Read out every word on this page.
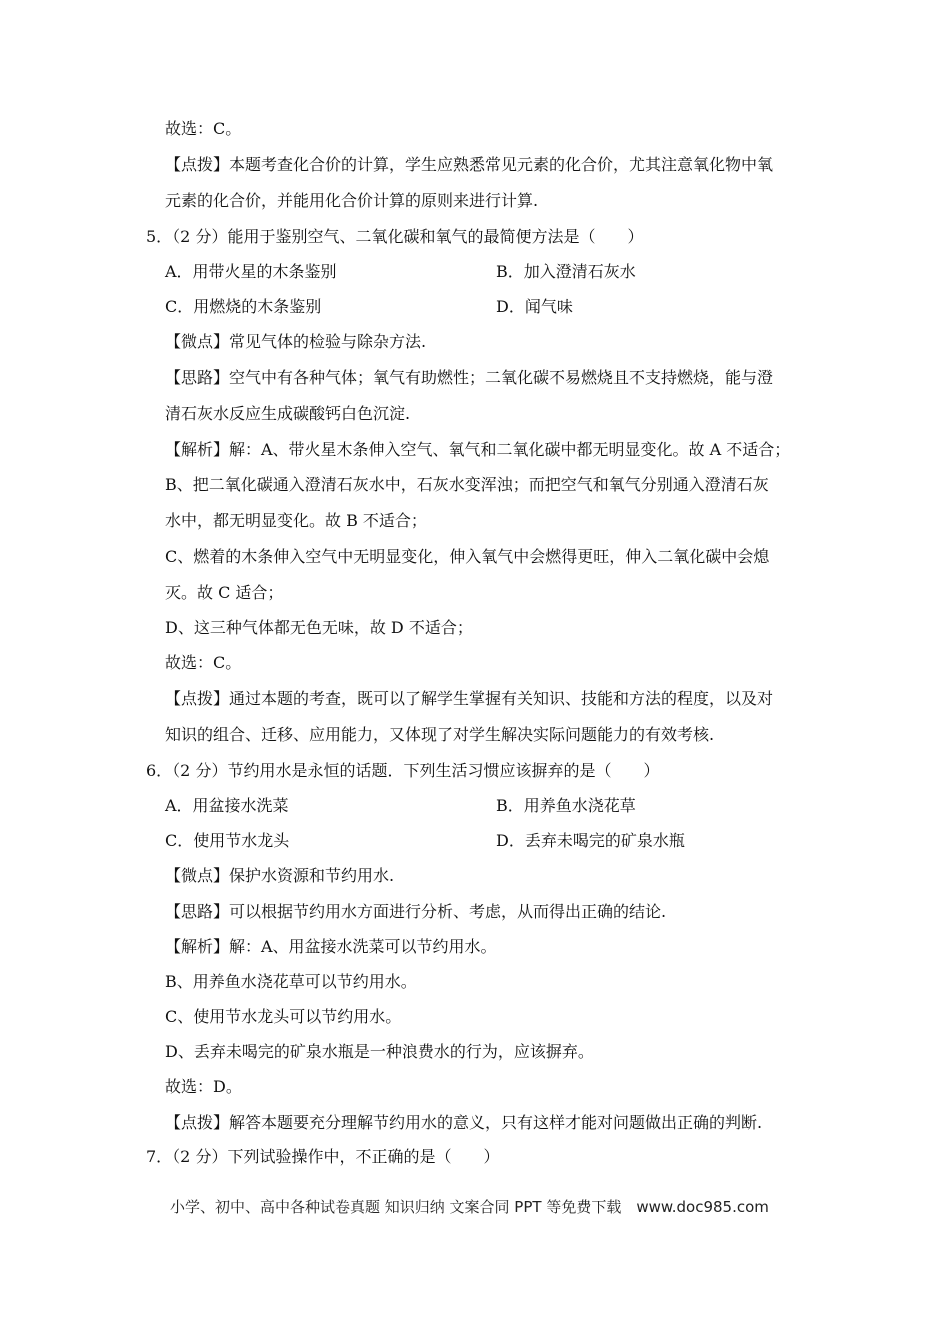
故选：C。
【点拨】本题考查化合价的计算，学生应熟悉常见元素的化合价，尤其注意氧化物中氧
元素的化合价，并能用化合价计算的原则来进行计算.
5．（2 分）能用于鉴别空气、二氧化碳和氧气的最简便方法是（　　）
A．用带火星的木条鉴别	B．加入澄清石灰水
C．用燃烧的木条鉴别	D．闻气味
【微点】常见气体的检验与除杂方法.
【思路】空气中有各种气体；氧气有助燃性；二氧化碳不易燃烧且不支持燃烧，能与澄
清石灰水反应生成碳酸钙白色沉淀.
【解析】解：A、带火星木条伸入空气、氧气和二氧化碳中都无明显变化。故 A 不适合；
B、把二氧化碳通入澄清石灰水中，石灰水变浑浊；而把空气和氧气分别通入澄清石灰
水中，都无明显变化。故 B 不适合；
C、燃着的木条伸入空气中无明显变化，伸入氧气中会燃得更旺，伸入二氧化碳中会熄
灭。故 C 适合；
D、这三种气体都无色无味，故 D 不适合；
故选：C。
【点拨】通过本题的考查，既可以了解学生掌握有关知识、技能和方法的程度，以及对
知识的组合、迁移、应用能力，又体现了对学生解决实际问题能力的有效考核.
6．（2 分）节约用水是永恒的话题．下列生活习惯应该摒弃的是（　　）
A．用盆接水洗菜	B．用养鱼水浇花草
C．使用节水龙头	D．丢弃未喝完的矿泉水瓶
【微点】保护水资源和节约用水.
【思路】可以根据节约用水方面进行分析、考虑，从而得出正确的结论.
【解析】解：A、用盆接水洗菜可以节约用水。
B、用养鱼水浇花草可以节约用水。
C、使用节水龙头可以节约用水。
D、丢弃未喝完的矿泉水瓶是一种浪费水的行为，应该摒弃。
故选：D。
【点拨】解答本题要充分理解节约用水的意义，只有这样才能对问题做出正确的判断.
7．（2 分）下列试验操作中，不正确的是（　　）
小学、初中、高中各种试卷真题 知识归纳 文案合同 PPT 等免费下载　www.doc985.com
